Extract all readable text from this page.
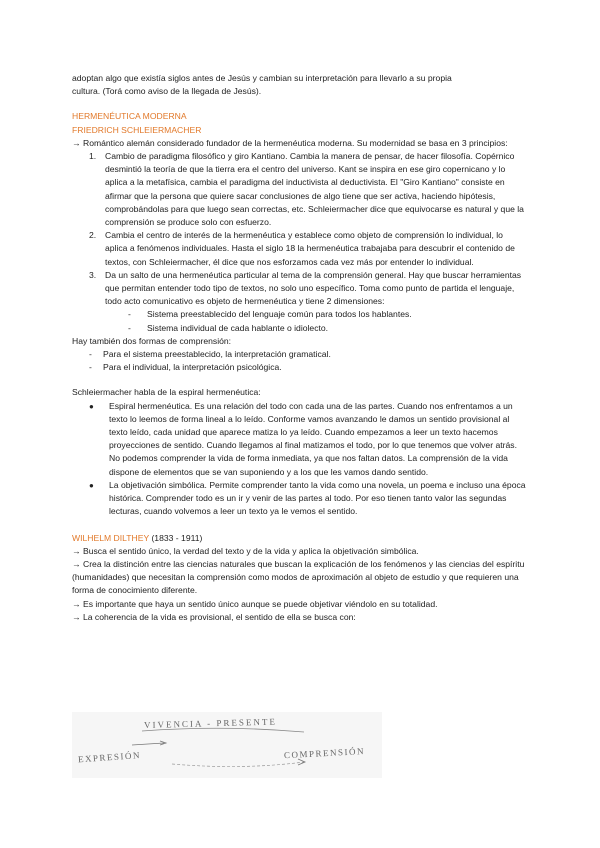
adoptan algo que existía siglos antes de Jesús y cambian su interpretación para llevarlo a su propia

cultura. (Torá como aviso de la llegada de Jesús).

HERMENÉUTICA MODERNA

FRIEDRICH SCHLEIERMACHER

→ Romántico alemán considerado fundador de la hermenéutica moderna. Su modernidad se basa en 3 principios:

1. Cambio de paradigma filosófico y giro Kantiano. Cambia la manera de pensar, de hacer filosofía. Copérnico desmintió la teoría de que la tierra era el centro del universo. Kant se inspira en ese giro copernicano y lo aplica a la metafísica, cambia el paradigma del inductivista al deductivista. El "Giro Kantiano" consiste en afirmar que la persona que quiere sacar conclusiones de algo tiene que ser activa, haciendo hipótesis, comprobándolas para que luego sean correctas, etc. Schleiermacher dice que equivocarse es natural y que la comprensión se produce solo con esfuerzo.

2. Cambia el centro de interés de la hermenéutica y establece como objeto de comprensión lo individual, lo aplica a fenómenos individuales. Hasta el siglo 18 la hermenéutica trabajaba para descubrir el contenido de textos, con Schleiermacher, él dice que nos esforzamos cada vez más por entender lo individual.

3. Da un salto de una hermenéutica particular al tema de la comprensión general. Hay que buscar herramientas que permitan entender todo tipo de textos, no solo uno específico. Toma como punto de partida el lenguaje, todo acto comunicativo es objeto de hermenéutica y tiene 2 dimensiones:

- Sistema preestablecido del lenguaje común para todos los hablantes.

- Sistema individual de cada hablante o idiolecto.

Hay también dos formas de comprensión:

- Para el sistema preestablecido, la interpretación gramatical.

- Para el individual, la interpretación psicológica.

Schleiermacher habla de la espiral hermenéutica:

● Espiral hermenéutica. Es una relación del todo con cada una de las partes. Cuando nos enfrentamos a un texto lo leemos de forma lineal a lo leído. Conforme vamos avanzando le damos un sentido provisional al texto leído, cada unidad que aparece matiza lo ya leído. Cuando empezamos a leer un texto hacemos proyecciones de sentido. Cuando llegamos al final matizamos el todo, por lo que tenemos que volver atrás. No podemos comprender la vida de forma inmediata, ya que nos faltan datos. La comprensión de la vida dispone de elementos que se van suponiendo y a los que les vamos dando sentido.

● La objetivación simbólica. Permite comprender tanto la vida como una novela, un poema e incluso una época histórica. Comprender todo es un ir y venir de las partes al todo. Por eso tienen tanto valor las segundas lecturas, cuando volvemos a leer un texto ya le vemos el sentido.

WILHELM DILTHEY (1833 - 1911)

→ Busca el sentido único, la verdad del texto y de la vida y aplica la objetivación simbólica.

→ Crea la distinción entre las ciencias naturales que buscan la explicación de los fenómenos y las ciencias del espíritu (humanidades) que necesitan la comprensión como modos de aproximación al objeto de estudio y que requieren una forma de conocimiento diferente.

→ Es importante que haya un sentido único aunque se puede objetivar viéndolo en su totalidad.

→ La coherencia de la vida es provisional, el sentido de ella se busca con:

VIVENCIA - PRESENTE
EXPRESIÓN	COMPRENSIÓN
